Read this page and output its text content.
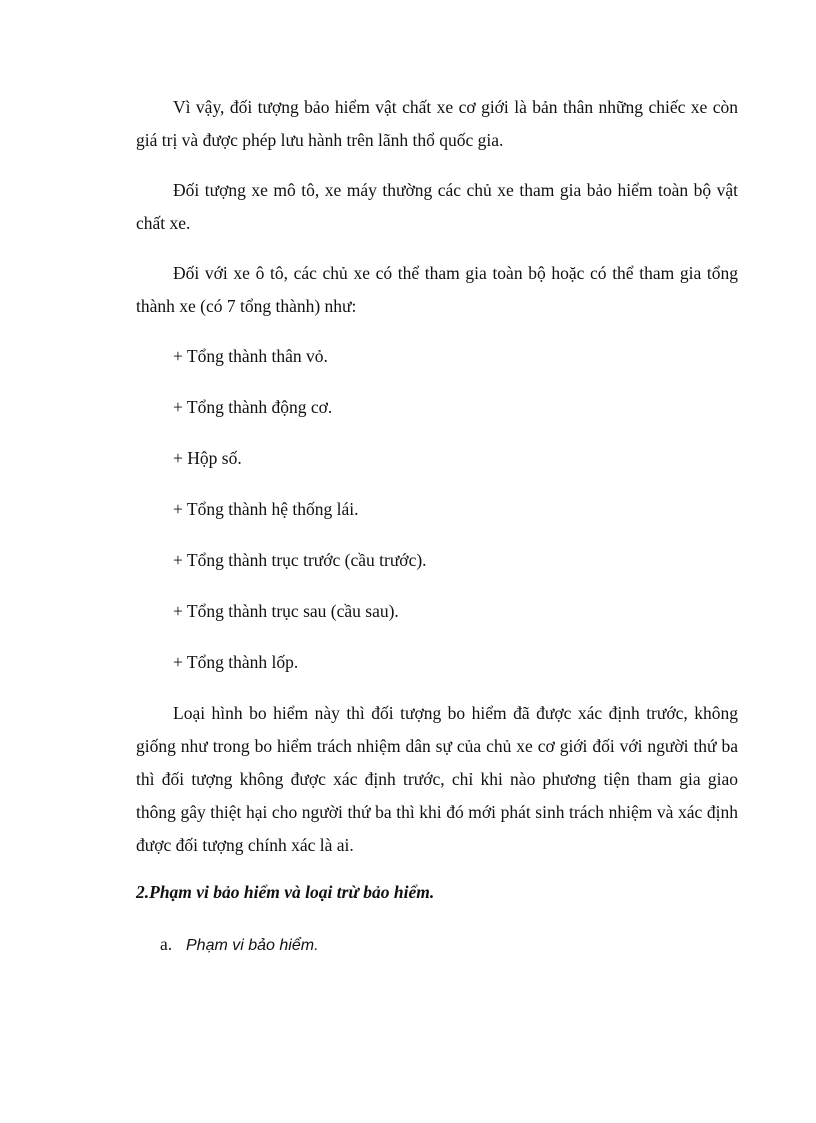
Vì vậy, đối tượng bảo hiểm vật chất xe cơ giới là bản thân những chiếc xe còn giá trị và được phép lưu hành trên lãnh thổ quốc gia.

Đối tượng xe mô tô, xe máy thường các chủ xe tham gia bảo hiểm toàn bộ vật chất xe.

Đối với xe ô tô, các chủ xe có thể tham gia toàn bộ hoặc có thể tham gia tổng thành xe (có 7 tổng thành) như:

+ Tổng thành thân vỏ.

+ Tổng thành động cơ.

+ Hộp số.

+ Tổng thành hệ thống lái.

+ Tổng thành trục trước (cầu trước).

+ Tổng thành trục sau (cầu sau).

+ Tổng thành lốp.

Loại hình bo hiểm này thì đối tượng bo hiểm đã được xác định trước, không giống như trong bo hiểm trách nhiệm dân sự của chủ xe cơ giới đối với người thứ ba thì đối tượng không được xác định trước, chỉ khi nào phương tiện tham gia giao thông gây thiệt hại cho người thứ ba thì khi đó mới phát sinh trách nhiệm và xác định được đối tượng chính xác là ai.

2.Phạm vi bảo hiểm và loại trừ bảo hiểm.

a. Phạm vi bảo hiểm.
